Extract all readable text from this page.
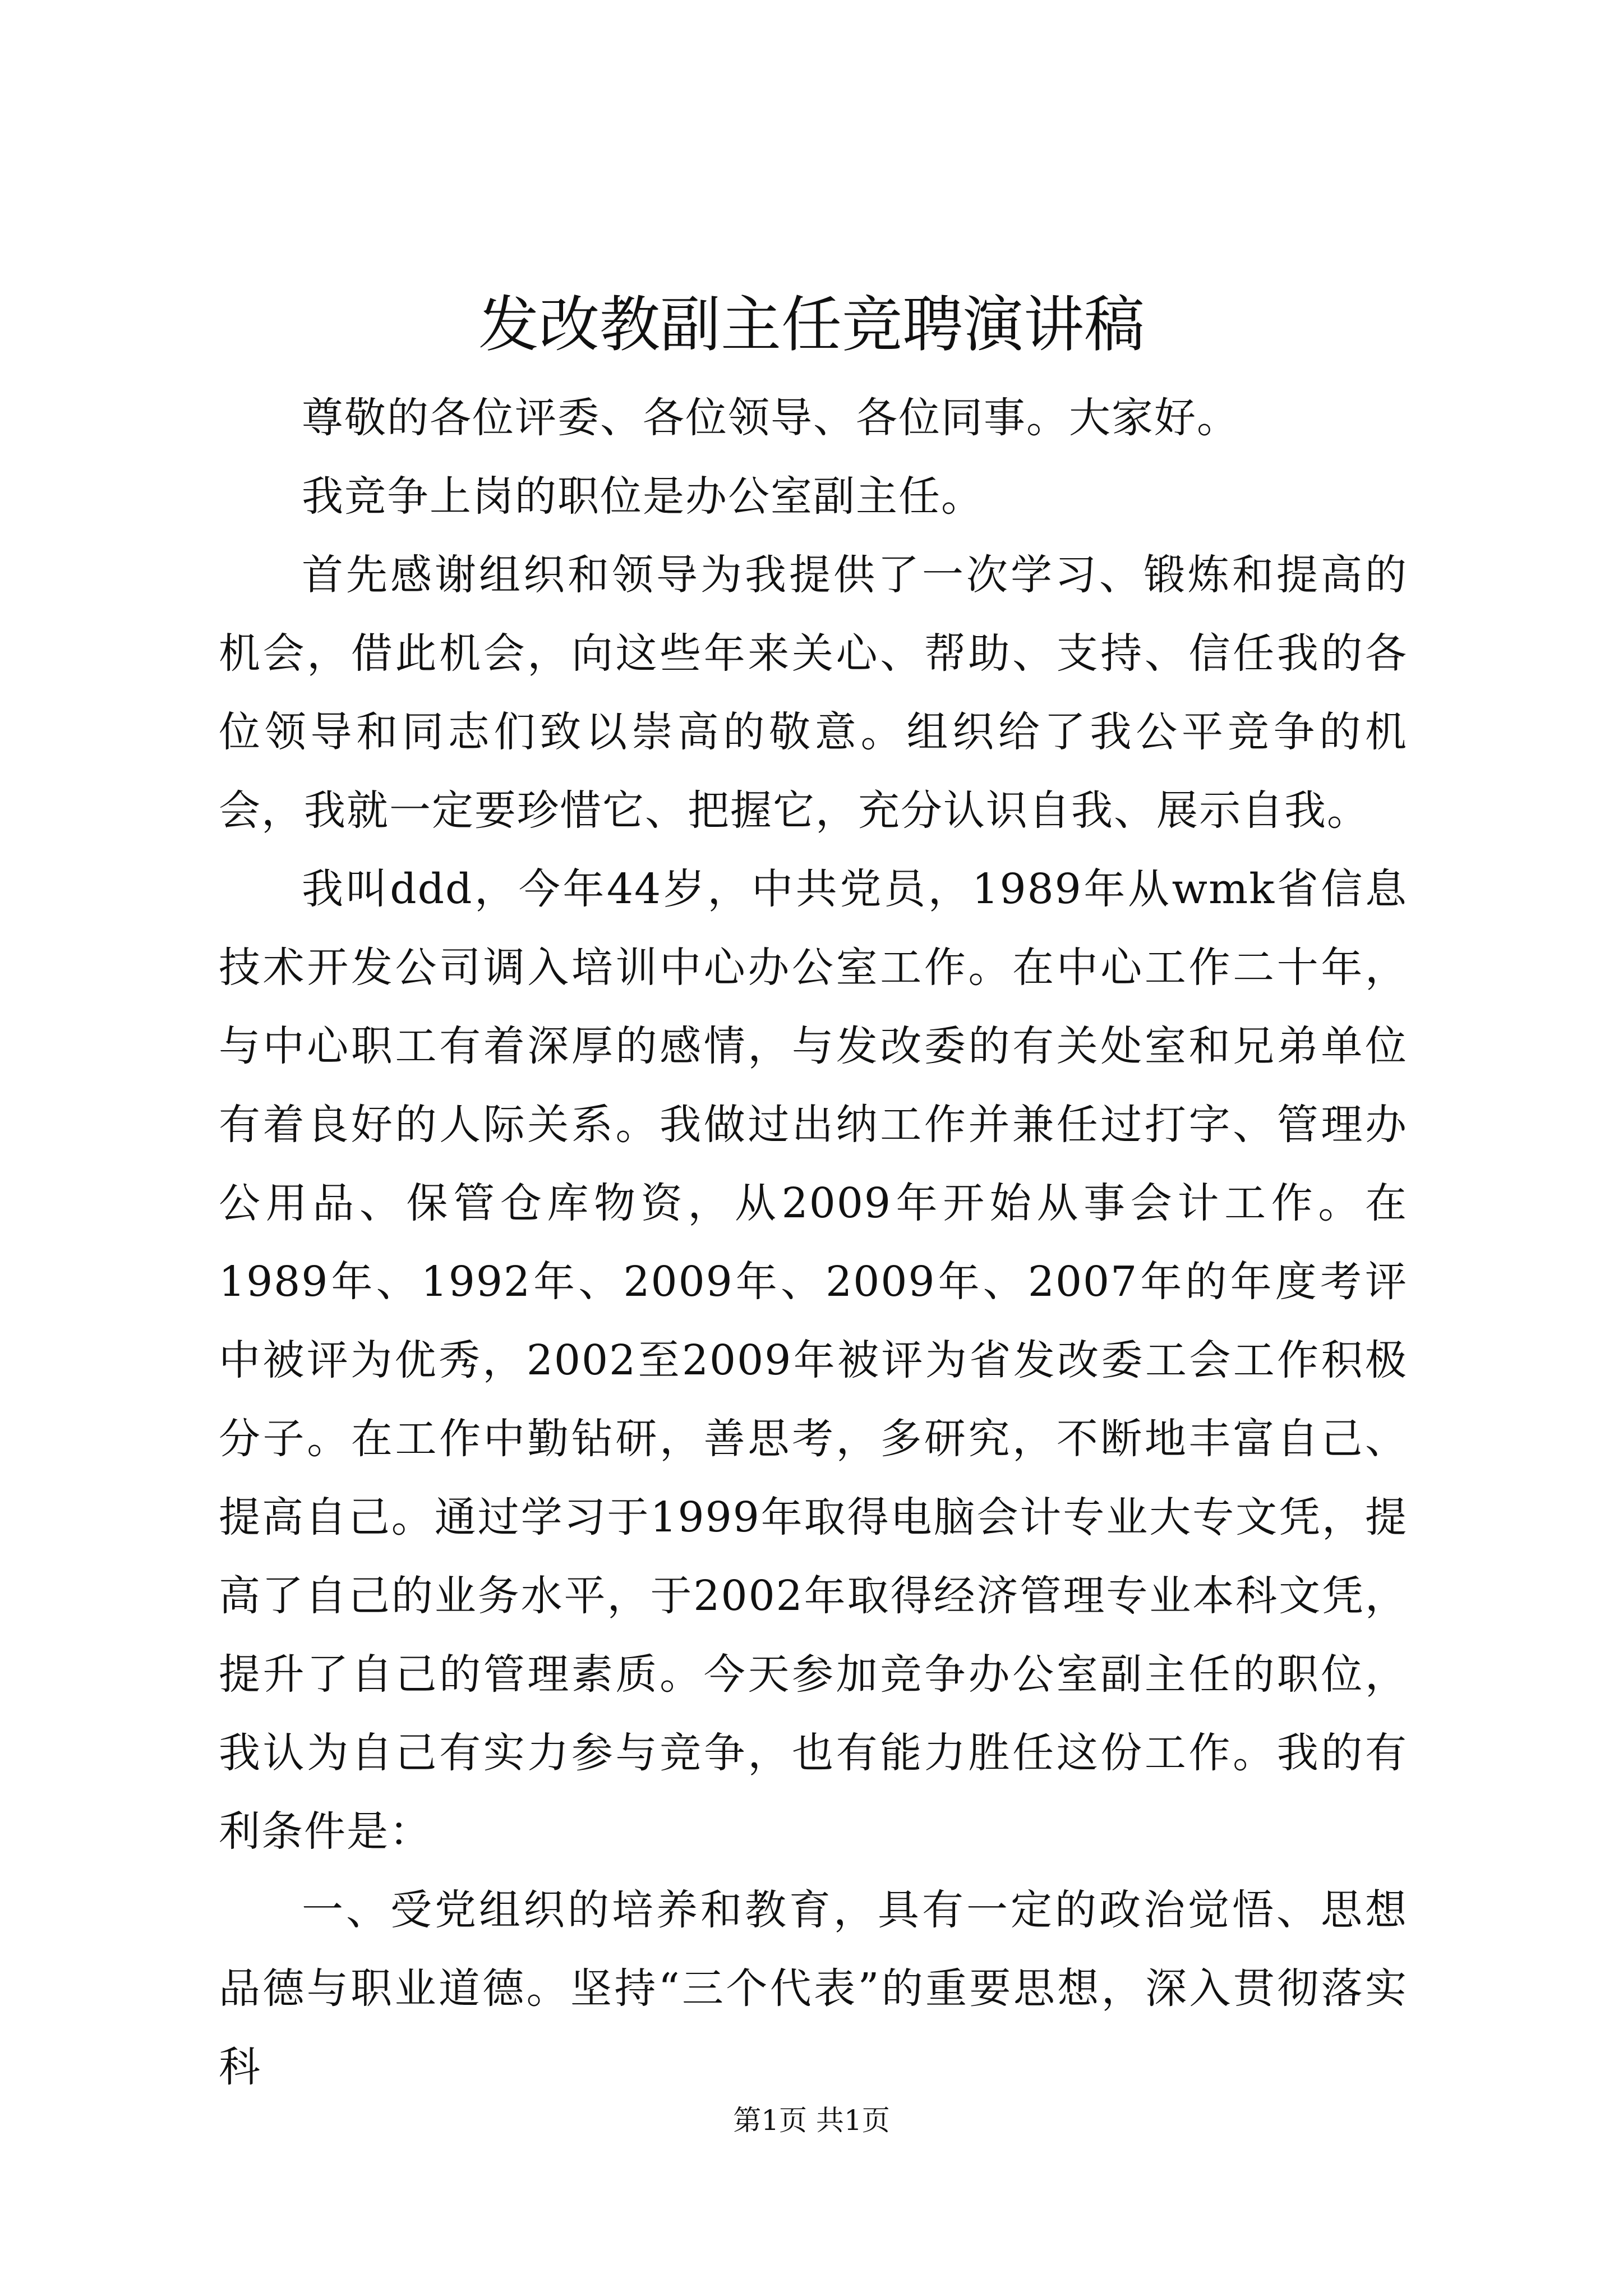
发改教副主任竞聘演讲稿

尊敬的各位评委、各位领导、各位同事。大家好。

我竞争上岗的职位是办公室副主任。

首先感谢组织和领导为我提供了一次学习、锻炼和提高的机会，借此机会，向这些年来关心、帮助、支持、信任我的各位领导和同志们致以崇高的敬意。组织给了我公平竞争的机会，我就一定要珍惜它、把握它，充分认识自我、展示自我。

我叫ddd，今年44岁，中共党员，1989年从wmk省信息技术开发公司调入培训中心办公室工作。在中心工作二十年，与中心职工有着深厚的感情，与发改委的有关处室和兄弟单位有着良好的人际关系。我做过出纳工作并兼任过打字、管理办公用品、保管仓库物资，从2009年开始从事会计工作。在1989年、1992年、2009年、2009年、2007年的年度考评中被评为优秀，2002至2009年被评为省发改委工会工作积极分子。在工作中勤钻研，善思考，多研究，不断地丰富自己、提高自己。通过学习于1999年取得电脑会计专业大专文凭，提高了自己的业务水平，于2002年取得经济管理专业本科文凭，提升了自己的管理素质。今天参加竞争办公室副主任的职位，我认为自己有实力参与竞争，也有能力胜任这份工作。我的有利条件是：

一、受党组织的培养和教育，具有一定的政治觉悟、思想品德与职业道德。坚持“三个代表”的重要思想，深入贯彻落实科

第1页 共1页
